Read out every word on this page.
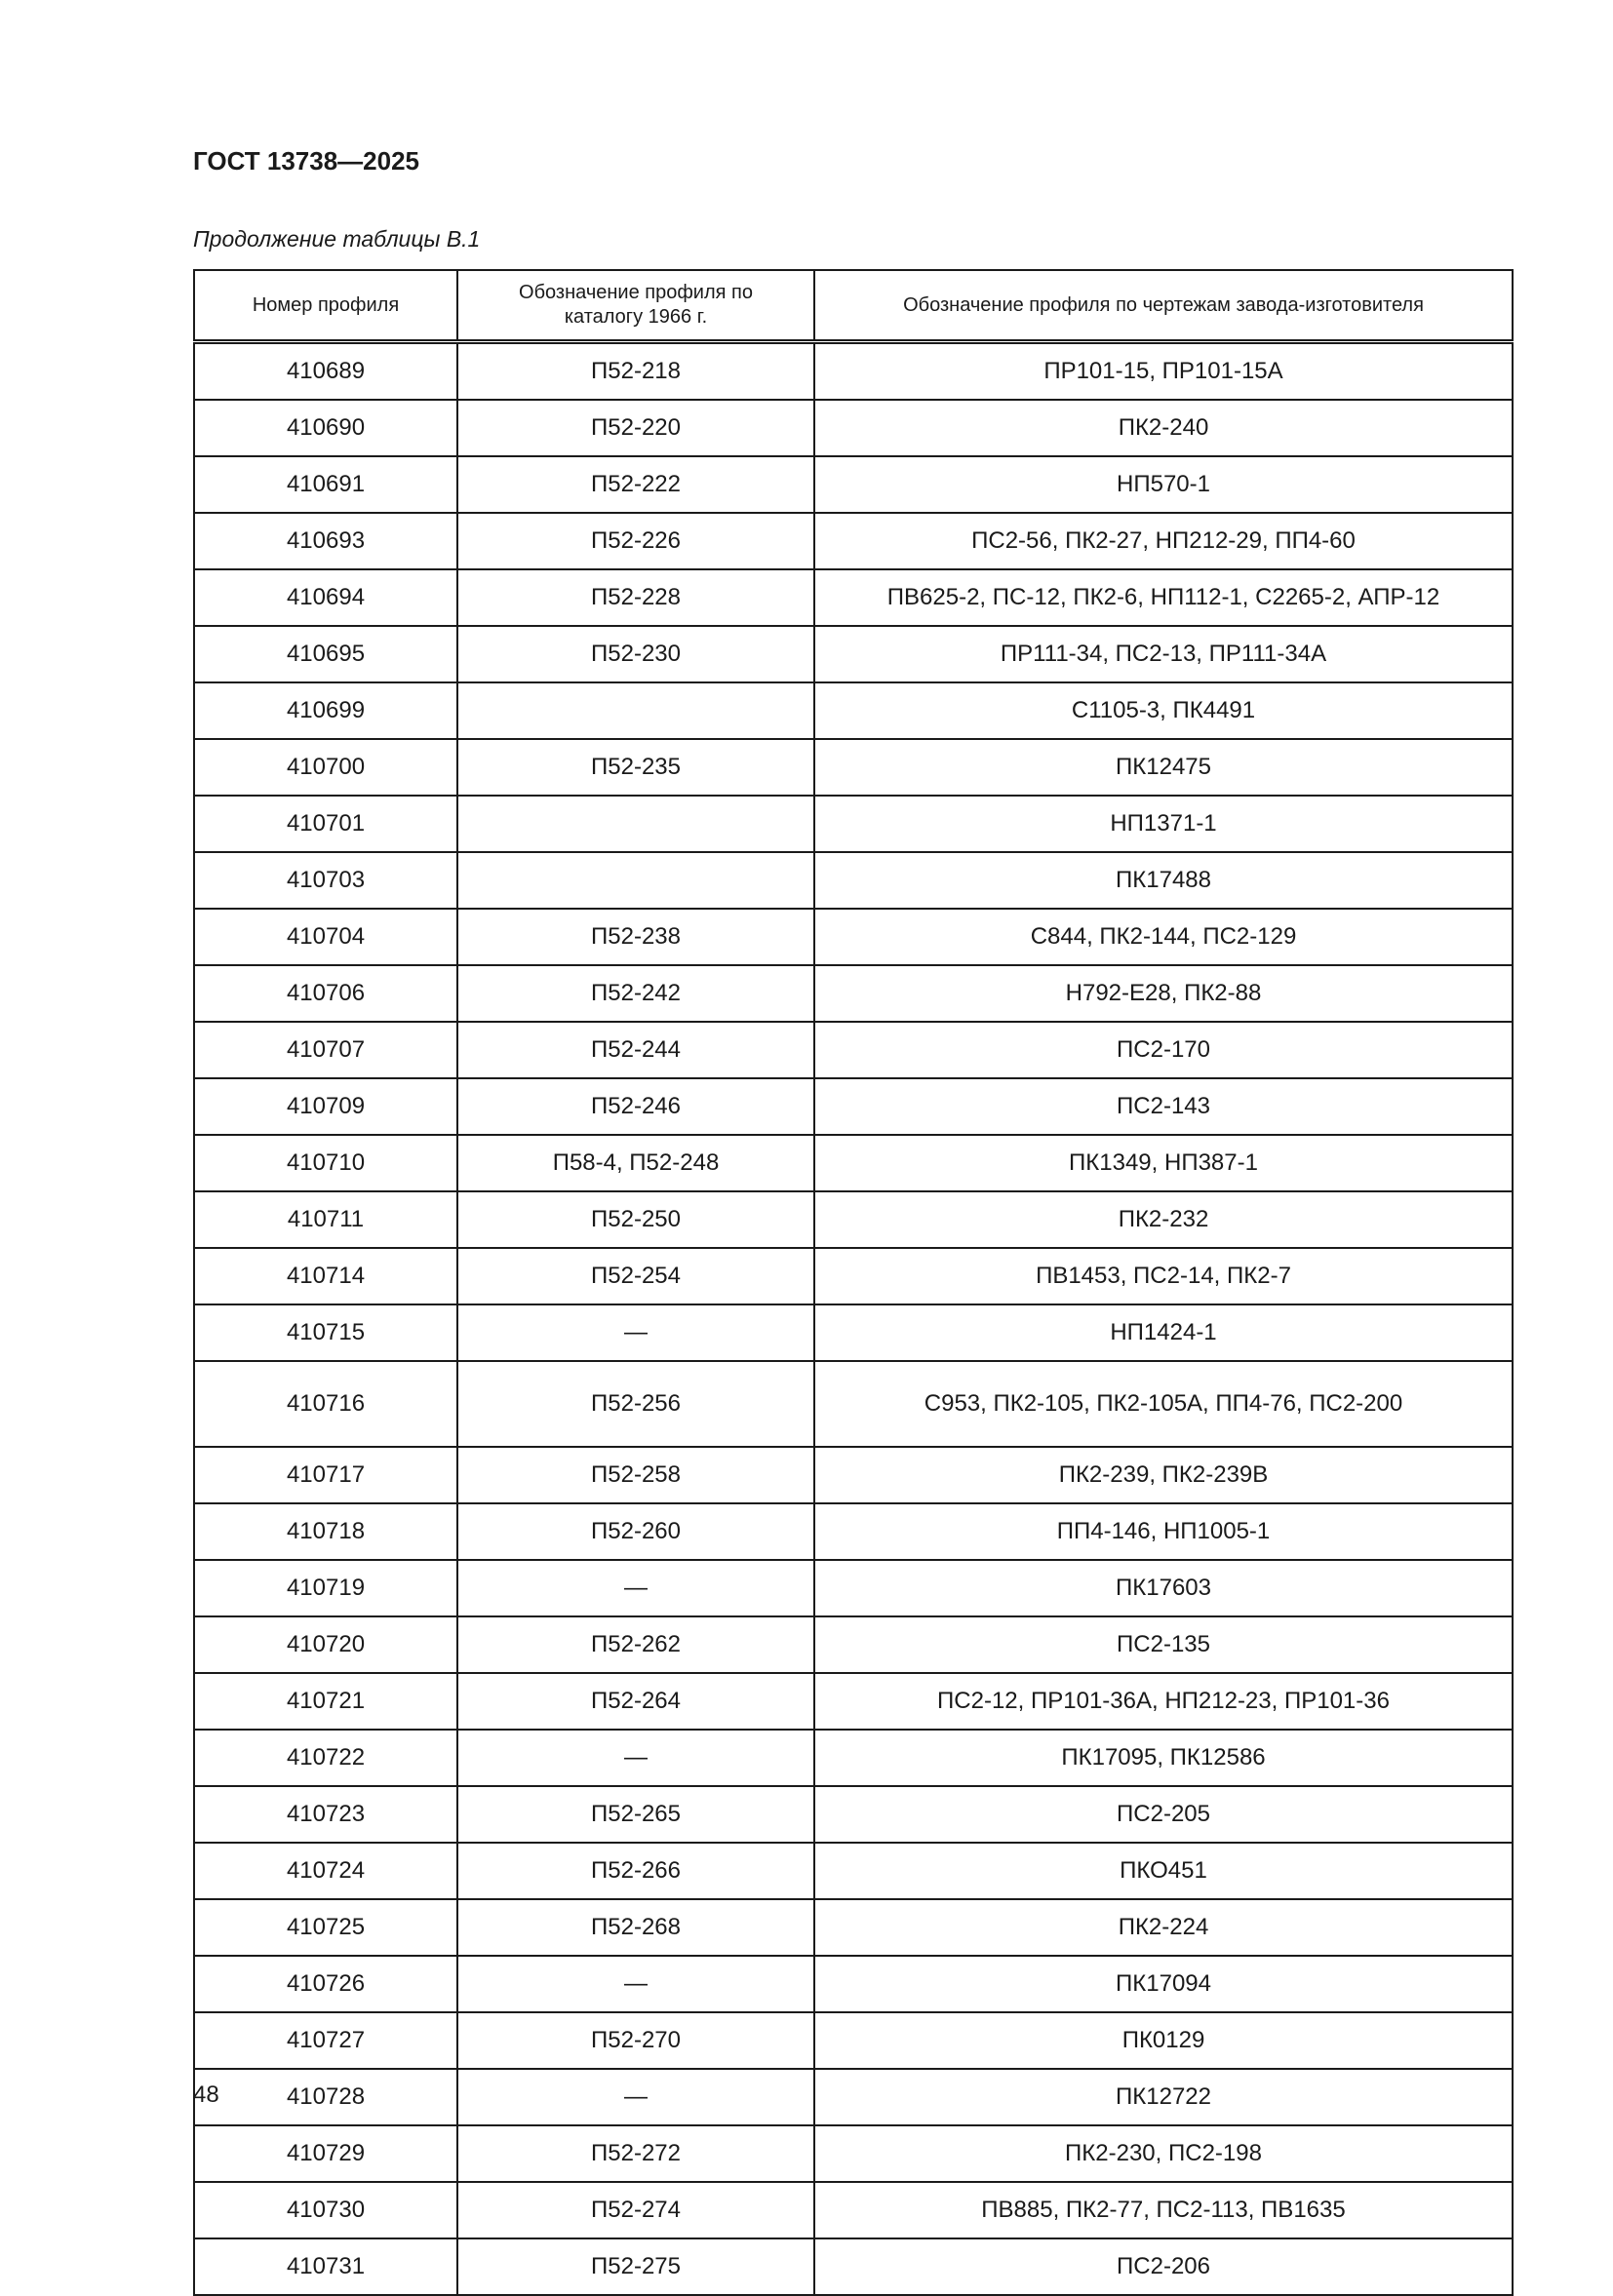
ГОСТ 13738—2025
Продолжение таблицы В.1
Номер профиля	Обозначение профиля по каталогу 1966 г.	Обозначение профиля по чертежам завода-изготовителя
410689	П52-218	ПР101-15, ПР101-15А
410690	П52-220	ПК2-240
410691	П52-222	НП570-1
410693	П52-226	ПС2-56, ПК2-27, НП212-29, ПП4-60
410694	П52-228	ПВ625-2, ПС-12, ПК2-6, НП112-1, С2265-2, АПР-12
410695	П52-230	ПР111-34, ПС2-13, ПР111-34А
410699		С1105-3, ПК4491
410700	П52-235	ПК12475
410701		НП1371-1
410703		ПК17488
410704	П52-238	С844, ПК2-144, ПС2-129
410706	П52-242	Н792-Е28, ПК2-88
410707	П52-244	ПС2-170
410709	П52-246	ПС2-143
410710	П58-4, П52-248	ПК1349, НП387-1
410711	П52-250	ПК2-232
410714	П52-254	ПВ1453, ПС2-14, ПК2-7
410715	—	НП1424-1
410716	П52-256	С953, ПК2-105, ПК2-105А, ПП4-76, ПС2-200
410717	П52-258	ПК2-239, ПК2-239В
410718	П52-260	ПП4-146, НП1005-1
410719	—	ПК17603
410720	П52-262	ПС2-135
410721	П52-264	ПС2-12, ПР101-36А, НП212-23, ПР101-36
410722	—	ПК17095, ПК12586
410723	П52-265	ПС2-205
410724	П52-266	ПКО451
410725	П52-268	ПК2-224
410726	—	ПК17094
410727	П52-270	ПК0129
410728	—	ПК12722
410729	П52-272	ПК2-230, ПС2-198
410730	П52-274	ПВ885, ПК2-77, ПС2-113, ПВ1635
410731	П52-275	ПС2-206
48
